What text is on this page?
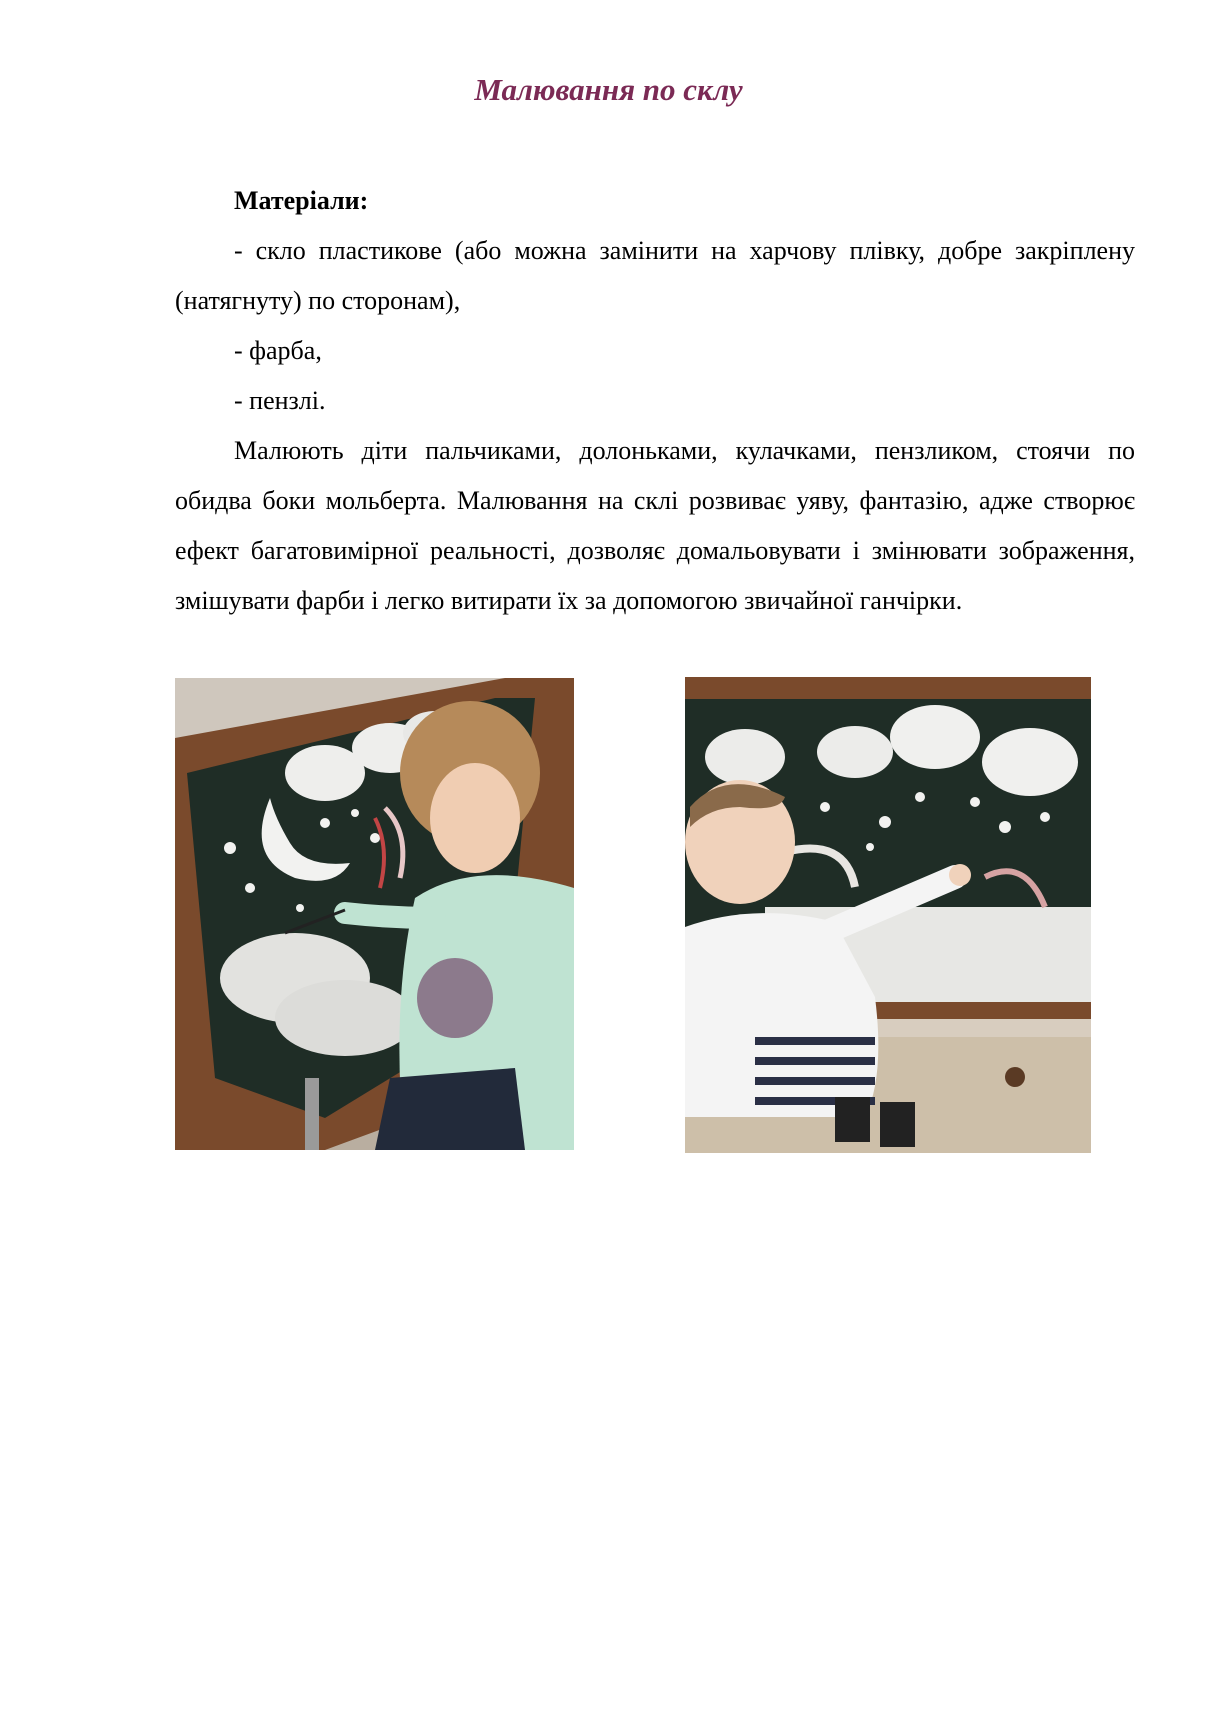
Малювання по склу

Матеріали:

- скло пластикове (або можна замінити на харчову плівку, добре закріплену (натягнуту) по сторонам),

- фарба,

- пензлі.

Малюють діти пальчиками, долоньками, кулачками, пензликом, стоячи по обидва боки мольберта. Малювання на склі розвиває уяву, фантазію, адже створює ефект багатовимірної реальності, дозволяє домальовувати і змінювати зображення, змішувати фарби і легко витирати їх за допомогою звичайної ганчірки.
